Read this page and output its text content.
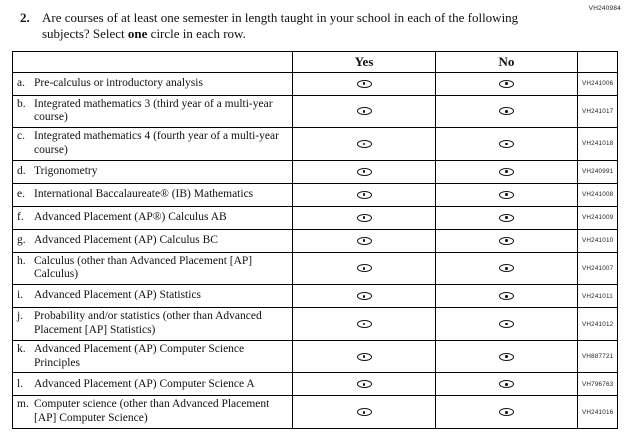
VH240984
2. Are courses of at least one semester in length taught in your school in each of the following subjects? Select one circle in each row.
	Yes	No	

a. Pre-calculus or introductory analysis			VH241006

b. Integrated mathematics 3 (third year of a multi-year course)			VH241017

c. Integrated mathematics 4 (fourth year of a multi-year course)			VH241018

d. Trigonometry			VH240991

e. International Baccalaureate® (IB) Mathematics			VH241008

f. Advanced Placement (AP®) Calculus AB			VH241009

g. Advanced Placement (AP) Calculus BC			VH241010

h. Calculus (other than Advanced Placement [AP] Calculus)			VH241007

i. Advanced Placement (AP) Statistics			VH241011

j. Probability and/or statistics (other than Advanced Placement [AP] Statistics)			VH241012

k. Advanced Placement (AP) Computer Science Principles			VH887721

l. Advanced Placement (AP) Computer Science A			VH796763

m. Computer science (other than Advanced Placement [AP] Computer Science)			VH241016
